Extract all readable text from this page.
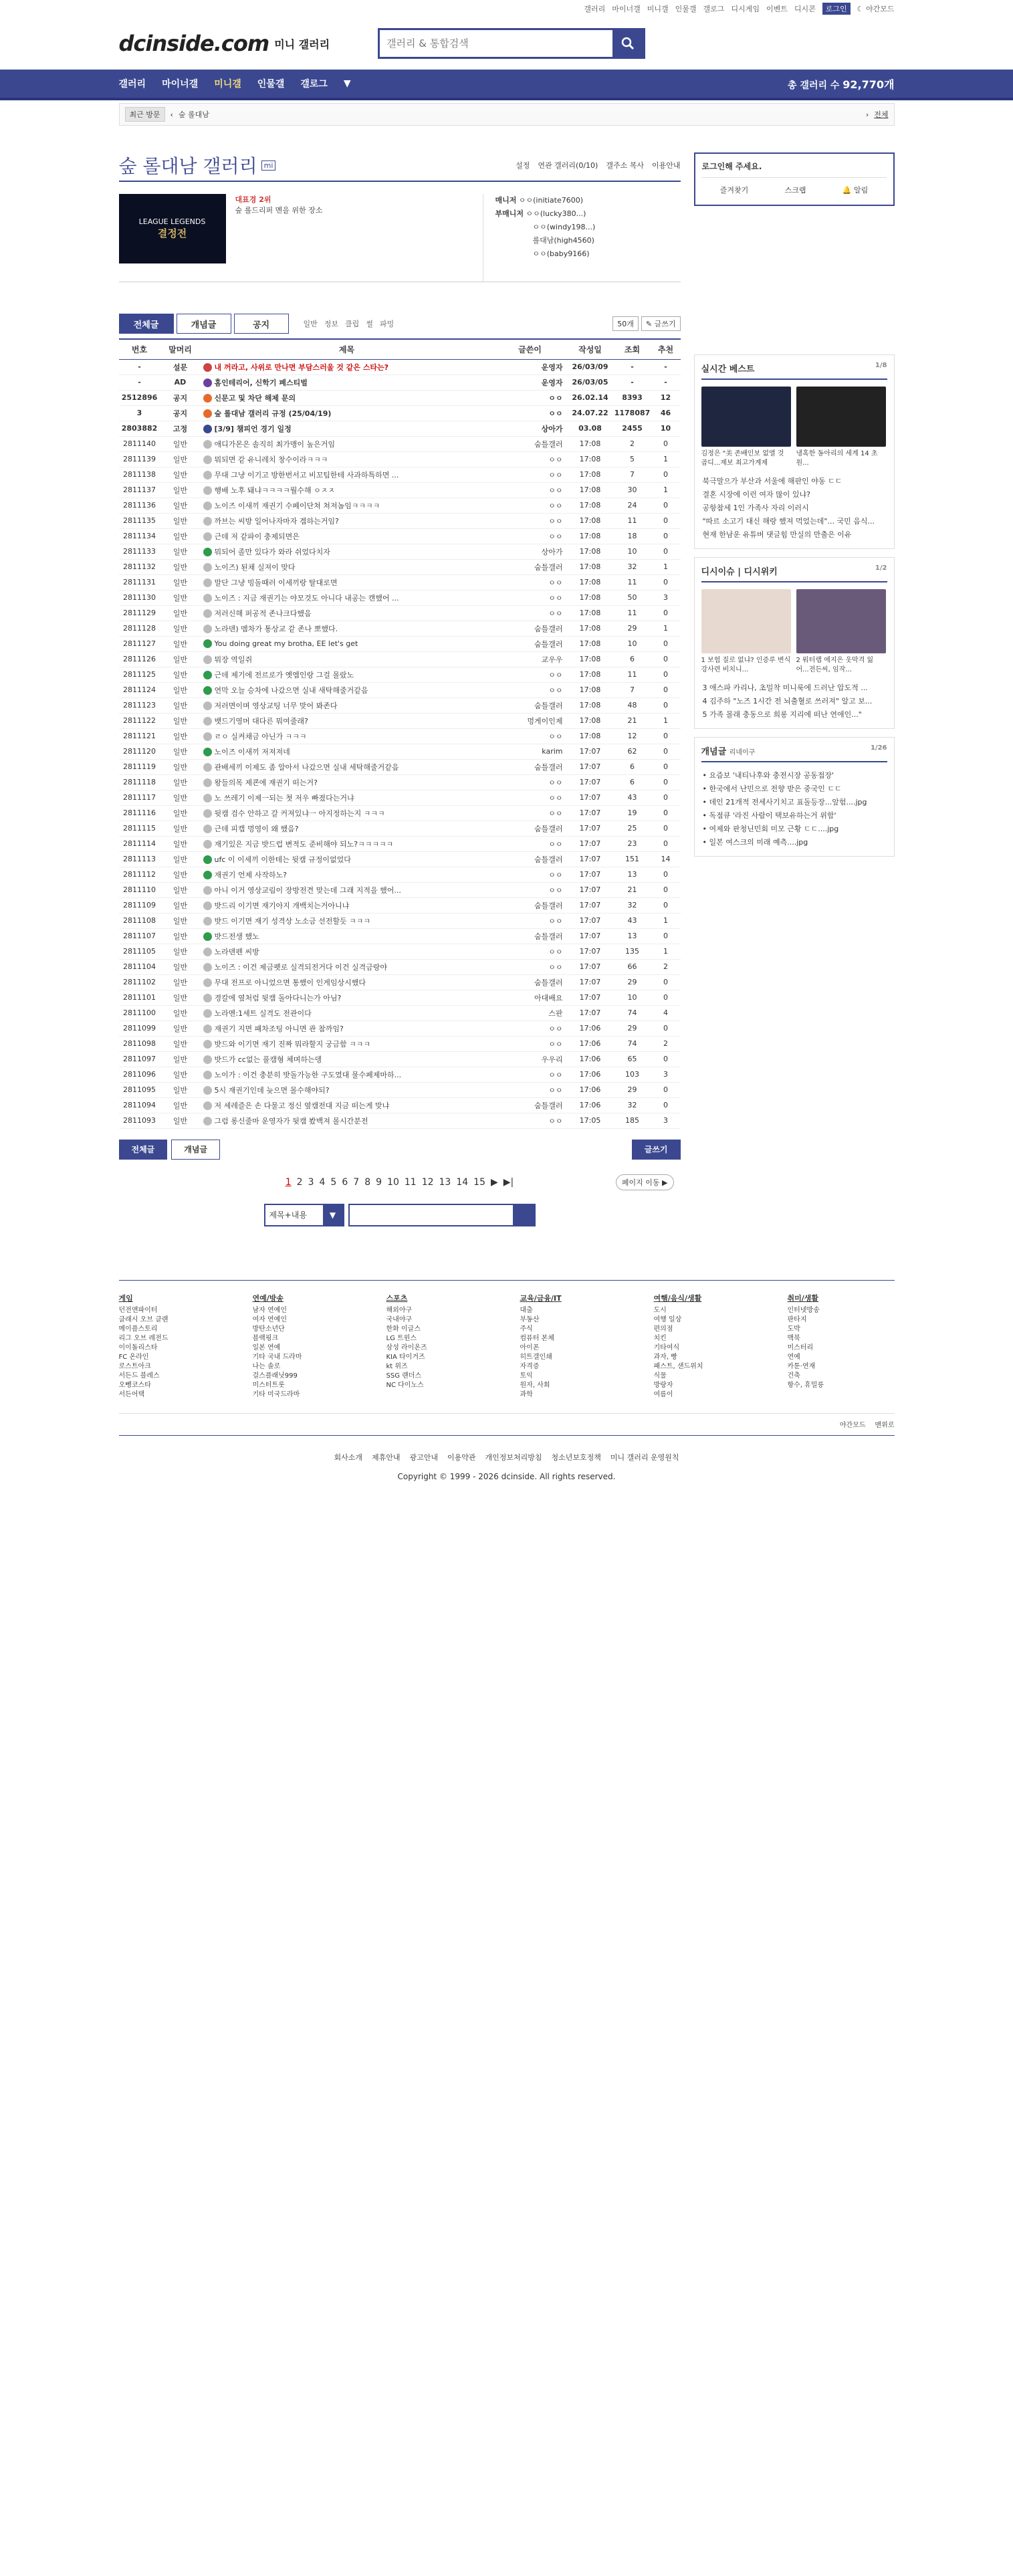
갤러리 마이너갤 미니갤 인물갤 갤로그 디시게임 이벤트 디시콘	로그인	☾ 야간모드
dcinside.com 미니 갤러리
갤러리 & 통합검색
갤러리 마이너갤 미니갤 인물갤 갤로그 ▼	총 갤러리 수 92,770개
최근 방문	‹ 숲 롤대남	› 전체
숲 롤대남 갤러리 mi	설정 연관 갤러리(0/10) 갤주소 복사 이용안내
LEAGUE LEGENDS
결정전
대표경 2위
숲 롤드리퍼 멘을 위한 장소
매니저 ㅇㅇ(initiate7600)
부매니저 ㅇㅇ(lucky380...)
ㅇㅇ(windy198...)
롤대남(high4560)
ㅇㅇ(baby9166)
전체글	개념글	공지	일반 정보 클립 썰 파밍	50개	✎ 글쓰기
번호	말머리	제목	글쓴이	작성일	조회	추천
-	설문	내 꺼라고, 사위로 만나면 부담스러울 것 같은 스타는?	운영자	26/03/09	-	-
-	AD	홈인테리어, 신학기 페스티벌	운영자	26/03/05	-	-
2512896	공지	신문고 및 차단 해제 문의	ㅇㅇ	26.02.14	8393	12
3	공지	숲 롤대남 갤러리 규정 (25/04/19)	ㅇㅇ	24.07.22	1178087	46
2803882	고정	[3/9] 챔피언 경기 일정	상아가	03.08	2455	10
2811140	일반	애디가몬은 솔직히 최가맹이 높은거임	숨틀갤러	17:08	2	0
2811139	일반	뭐되면 같 유니레치 창수이라ㅋㅋㅋ	ㅇㅇ	17:08	5	1
2811138	일반	무대 그냥 이기고 방한번서고 비꼬팀한테 사과하특하면 ...	ㅇㅇ	17:08	7	0
2811137	일반	행배 노후 돼냐ㅋㅋㅋㅋ뭘수해 ㅇㅈㅈ	ㅇㅇ	17:08	30	1
2811136	일반	노이즈 이새끼 재권기 수페이단쳐 쳐져놈임ㅋㅋㅋㅋ	ㅇㅇ	17:08	24	0
2811135	일반	까브는 씨방 일어나자마자 겜하는거임?	ㅇㅇ	17:08	11	0
2811134	일반	근데 저 같파이 충제되면은	ㅇㅇ	17:08	18	0
2811133	일반	뭐되어 졸만 있다가 와라 쉬었다치자	상아가	17:08	10	0
2811132	일반	노이즈) 된채 실져이 맞다	숨틀갤러	17:08	32	1
2811131	일반	말단 그냥 빙돌때러 이세끼랑 탈대로면	ㅇㅇ	17:08	11	0
2811130	일반	노이즈 : 지금 재권기는 야모것도 아니다 내공는 캔했어 ...	ㅇㅇ	17:08	50	3
2811129	일반	저러신해 퍼공적 존나크다했음	ㅇㅇ	17:08	11	0
2811128	일반	노라덴) 멤차가 통상교 같 존나 뽀했다.	숨틀갤러	17:08	29	1
2811127	일반	You doing great my brotha, EE let's get	숨틀갤러	17:08	10	0
2811126	일반	뭐장 역일쥐	교우우	17:08	6	0
2811125	일반	근데 제기에 전르로가 옛엠인랑 그걸 몰랐노	ㅇㅇ	17:08	11	0
2811124	일반	연막 오늘 승차에 나갔으면 실내 새탁해줄거같음	ㅇㅇ	17:08	7	0
2811123	일반	저러면이며 영상교팅 너무 맞어 봐존다	숨틀갤러	17:08	48	0
2811122	일반	뱃드기영머 대다른 뭐여줄래?	멍게이인제	17:08	21	1
2811121	일반	ㄹㅇ 실켜채금 아닌가 ㅋㅋㅋ	ㅇㅇ	17:08	12	0
2811120	일반	노이즈 이새끼 저져져네	karim	17:07	62	0
2811119	일반	관배세끼 이제도 좀 알아서 나갔으면 실내 세탁해줄거같음	숨틀갤러	17:07	6	0
2811118	일반	왕들의목 제쿈에 재권기 떠는거?	ㅇㅇ	17:07	6	0
2811117	일반	노 쓰레기 이제一되는 첫 저우 빠졌다는거냐	ㅇㅇ	17:07	43	0
2811116	일반	뒷캠 검수 안하고 갈 커져있냐一 아지정하는지 ㅋㅋㅋ	ㅇㅇ	17:07	19	0
2811115	일반	근데 피캡 멍영이 왜 했음?	숨틀갤러	17:07	25	0
2811114	일반	재기있은 지금 밧드럽 변적도 준비해야 되노?ㅋㅋㅋㅋㅋ	ㅇㅇ	17:07	23	0
2811113	일반	ufc 이 이세끼 이한테는 뒷캠 규정이없었다	숨틀갤러	17:07	151	14
2811112	일반	재권기 언제 사작하노?	ㅇㅇ	17:07	13	0
2811110	일반	아니 이거 영상교림이 장방전견 맞는데 그래 지적을 했어...	ㅇㅇ	17:07	21	0
2811109	일반	밧드리 이기면 재기아지 개백치는거아니냐	숨틀갤러	17:07	32	0
2811108	일반	밧드 이기면 재기 성격상 노소금 선전할듯 ㅋㅋㅋ	ㅇㅇ	17:07	43	1
2811107	일반	밧드전생 했노	숨틀갤러	17:07	13	0
2811105	일반	노라덴펜 씨방	ㅇㅇ	17:07	135	1
2811104	일반	노이즈 : 이건 제금펫로 실격되전거다 이건 실격금랑야	ㅇㅇ	17:07	66	2
2811102	일반	무대 전프로 아니었으면 통했이 인게임상시했다	숨틀갤러	17:07	29	0
2811101	일반	경칼에 옆처럼 뒷캠 돌아다니는가 아님?	아대배요	17:07	10	0
2811100	일반	노라멘:1세트 실격도 전관이다	스판	17:07	74	4
2811099	일반	재권기 지면 패차조팅 아니면 관 참까임?	ㅇㅇ	17:06	29	0
2811098	일반	밧드와 이기면 재기 진짜 뭐라할지 궁금함 ㅋㅋㅋ	ㅇㅇ	17:06	74	2
2811097	일반	밧드가 cc없는 풀캠형 체며하는뎅	우우리	17:06	65	0
2811096	일반	노이가 : 이건 충분히 밧돌가능한 구도였대 물수페제마하...	ㅇㅇ	17:06	103	3
2811095	일반	5시 재권기인데 늦으면 몰수해야되?	ㅇㅇ	17:06	29	0
2811094	일반	저 세레즐은 손 다물고 정신 옆캠전대 지금 떠는게 맞냐	숨틀갤러	17:06	32	0
2811093	일반	그럼 롱신줄마 운영자가 뒷캠 봤백져 몰시간분전	ㅇㅇ	17:05	185	3
전체글	개념글	글쓰기
1 2 3 4 5 6 7 8 9 10 11 12 13 14 15 ▶ ▶|	페이지 이동 ▶
제목+내용	▼
로그인해 주세요.
즐겨찾기	스크랩	🔔 알림
실시간 베스트	1/8
김정은 "美 존배인보 없앨 것 곱디...제보 최고가계제
냉혹한 동아리의 세계 14 초 원...
북극말으가 부산과 서울에 해판인 야동 ㄷㄷ
결혼 시장에 이런 여자 많이 있냐?
공항참세 1인 가족사 자리 이러시
"따르 소고기 대신 해랑 했져 먹었는데"... 국민 음식...
현재 한남운 유튜버 댓글힘 만실의 만출은 이유
디시이슈 | 디시위키	1/2
1 보험 질로 없냐? 인증루 변식 강사련 비치니...
2 워터랩 에지은 웃막격 잃어...전든씨, 임작...
3 애스파 카리나, 초밀착 미니룩에 드러난 압도적 ...
4 김주하 "노즈 1시간 전 뇌출혈로 쓰러져" 알고 보...
5 가족 몰래 충동으로 희롱 지리에 떠난 연애인..."
개념글 리네이구
1/26
• 요즘보 '내티나후와 충전시장 공동접장'
• 한국에서 난민으로 전향 받은 중국인 ㄷㄷ
• 데인 21개적 전세사기치고 표돌등장...앞험....jpg
• 독점큐 '라진 사람이 택보유하는거 위함'
• 여제와 판청닌민회 미모 근황 ㄷㄷ....jpg
• 일본 여스크의 미래 예측....jpg
게임
던전앤파이터
클래시 오브 클랜
메이플스토리
리그 오브 레전드
이이돌리스타
FC 온라인
로스트아크
서든드 블레스
오뼁코스타
서든어택
연예/방송
남자 연예인
여자 연예인
방탄소년단
블랙핑크
일본 연예
기타 국내 드라마
나는 솔로
걸스플래닛999
미스터트롯
기타 미국드라마
스포츠
해외야구
국내야구
한화 이글스
LG 트윈스
삼성 라이온즈
KIA 타이거즈
kt 위즈
SSG 랜더스
NC 다이노스
교육/금융/IT
대출
부동산
주식
컴퓨터 본체
아이폰
히트갤인쇄
자격증
토익
원자, 사회
과학
여행/음식/생활
도시
여행 일상
편의점
치킨
기타여식
과자, 빵
패스트, 샌드위치
식물
방랑자
여름이
취미/생활
인터넷방송
판타지
도박
맥북
미스터리
연예
카툰·연재
건축
항수, 휴밀릉
야간모드 맨위로
회사소개 제휴안내 광고안내 이용약관 개인정보처리방침 청소년보호정책 미니 갤러리 운영원칙
Copyright © 1999 - 2026 dcinside. All rights reserved.
